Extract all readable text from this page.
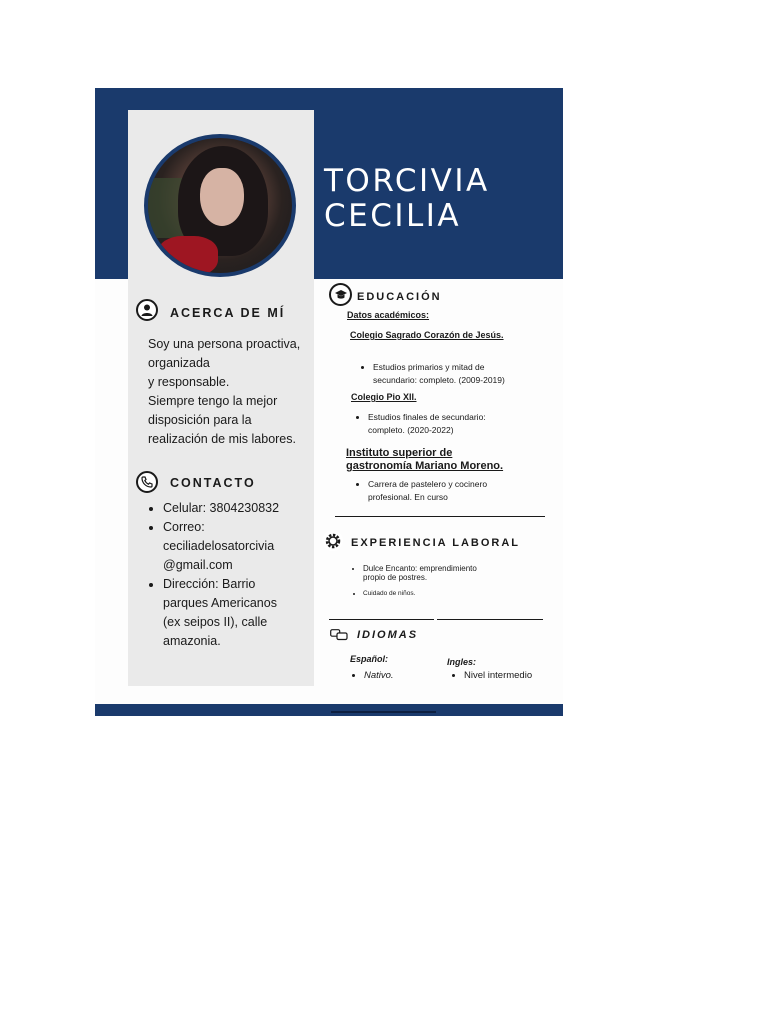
TORCIVIA
CECILIA
ACERCA DE MÍ

Soy una persona proactiva,
organizada
y responsable.
Siempre tengo la mejor
disposición para la
realización de mis labores.

CONTACTO
• Celular: 3804230832
• Correo:
ceciliadelosatorcivia
@gmail.com
• Dirección: Barrio
parques Americanos
(ex seipos II), calle
amazonia.
EDUCACIÓN

Datos académicos:

Colegio Sagrado Corazón de Jesús.

• Estudios primarios y mitad de
secundario: completo. (2009-2019)

Colegio Pio XII.

• Estudios finales de secundario:
completo. (2020-2022)

Instituto superior de
gastronomía Mariano Moreno.

• Carrera de pastelero y cocinero
profesional. En curso
EXPERIENCIA LABORAL
• Dulce Encanto: emprendimiento
propio de postres.
• Cuidado de niños.
IDIOMAS

Español:

• Nativo.

Ingles:

• Nivel intermedio
